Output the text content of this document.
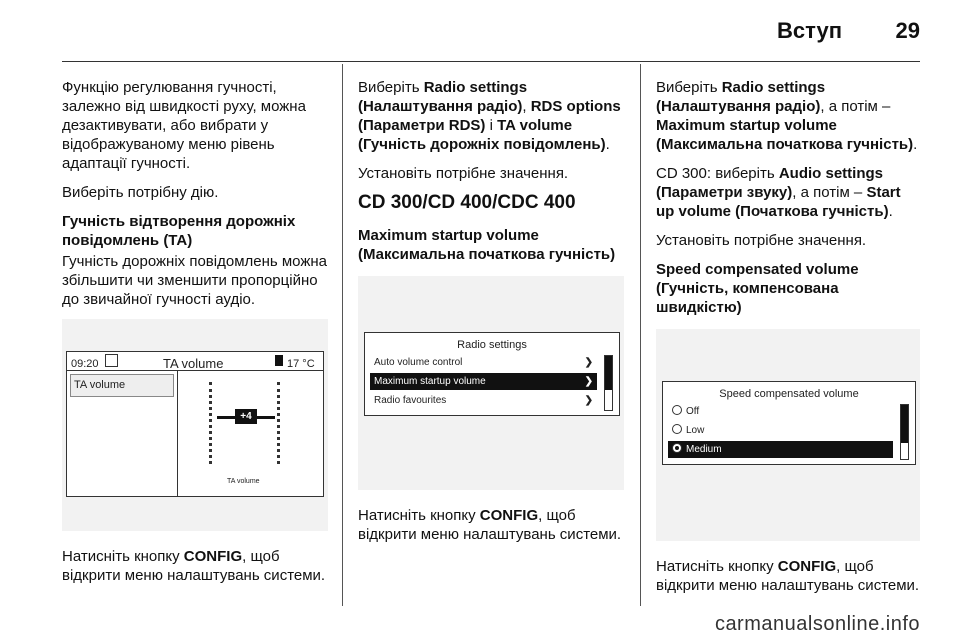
Вступ 29

Функцію регулювання гучності, залежно від швидкості руху, можна дезактивувати, або вибрати у відображуваному меню рівень адаптації гучності.

Виберіть потрібну дію.

Гучність відтворення дорожніх повідомлень (TA)

Гучність дорожніх повідомлень можна збільшити чи зменшити пропорційно до звичайної гучності аудіо.

09:20	TA volume	17 °C
TA volume
+4
TA volume

Натисніть кнопку CONFIG, щоб відкрити меню налаштувань системи.

Виберіть Radio settings (Налаштування радіо), RDS options (Параметри RDS) і TA volume (Гучність дорожніх повідомлень).

Установіть потрібне значення.

CD 300/CD 400/CDC 400

Maximum startup volume (Максимальна початкова гучність)

Radio settings
Auto volume control	❯
Maximum startup volume	❯
Radio favourites	❯

Натисніть кнопку CONFIG, щоб відкрити меню налаштувань системи.

Виберіть Radio settings (Налаштування радіо), а потім – Maximum startup volume (Максимальна початкова гучність).

CD 300: виберіть Audio settings (Параметри звуку), а потім – Start up volume (Початкова гучність).

Установіть потрібне значення.

Speed compensated volume (Гучність, компенсована швидкістю)

Speed compensated volume
Off
Low
Medium

Натисніть кнопку CONFIG, щоб відкрити меню налаштувань системи.

carmanualsonline.info
